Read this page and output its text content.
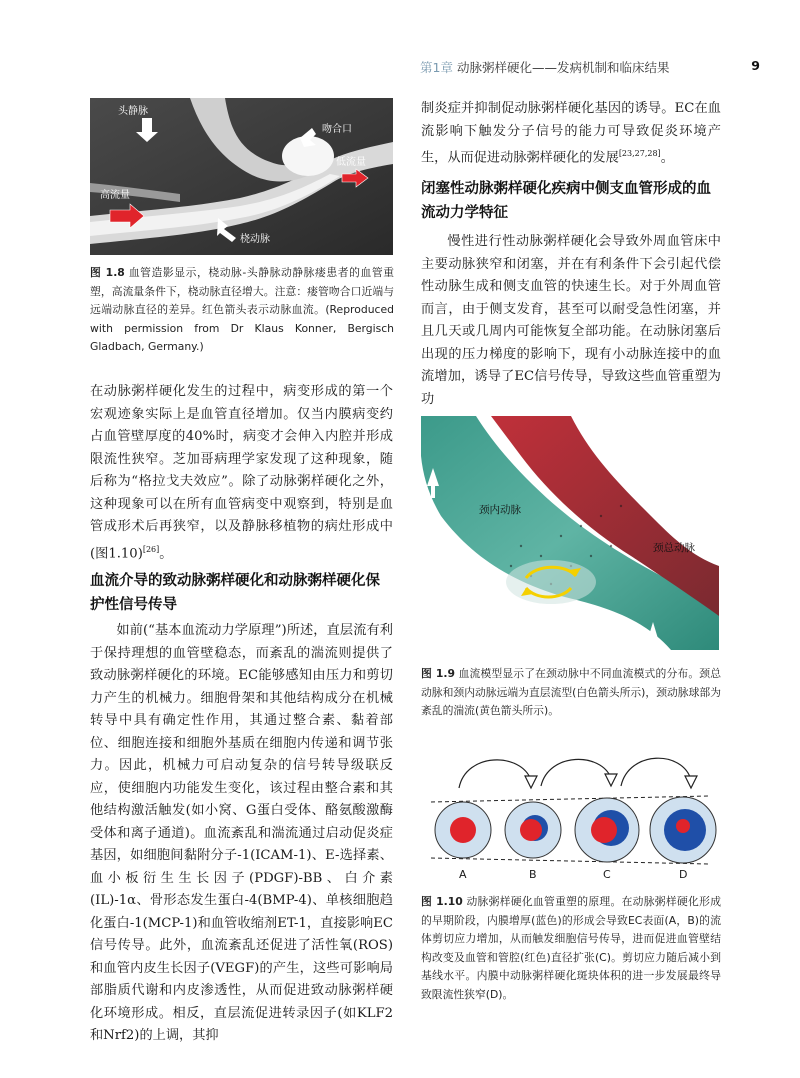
第1章 动脉粥样硬化——发病机制和临床结果	9
头静脉
吻合口
低流量
高流量
桡动脉

图 1.8 血管造影显示，桡动脉-头静脉动静脉瘘患者的血管重塑，高流量条件下，桡动脉直径增大。注意：瘘管吻合口近端与远端动脉直径的差异。红色箭头表示动脉血流。(Reproduced with permission from Dr Klaus Konner, Bergisch Gladbach, Germany.)

在动脉粥样硬化发生的过程中，病变形成的第一个宏观迹象实际上是血管直径增加。仅当内膜病变约占血管壁厚度的40%时，病变才会伸入内腔并形成限流性狭窄。芝加哥病理学家发现了这种现象，随后称为“格拉戈夫效应”。除了动脉粥样硬化之外，这种现象可以在所有血管病变中观察到，特别是血管成形术后再狭窄，以及静脉移植物的病灶形成中(图1.10)[26]。

血流介导的致动脉粥样硬化和动脉粥样硬化保护性信号传导

如前(“基本血流动力学原理”)所述，直层流有利于保持理想的血管壁稳态，而紊乱的湍流则提供了致动脉粥样硬化的环境。EC能够感知由压力和剪切力产生的机械力。细胞骨架和其他结构成分在机械转导中具有确定性作用，其通过整合素、黏着部位、细胞连接和细胞外基质在细胞内传递和调节张力。因此，机械力可启动复杂的信号转导级联反应，使细胞内功能发生变化，该过程由整合素和其他结构激活触发(如小窝、G蛋白受体、酪氨酸激酶受体和离子通道)。血流紊乱和湍流通过启动促炎症基因，如细胞间黏附分子-1(ICAM-1)、E-选择素、血小板衍生生长因子(PDGF)-BB、白介素(IL)-1α、骨形态发生蛋白-4(BMP-4)、单核细胞趋化蛋白-1(MCP-1)和血管收缩剂ET-1，直接影响EC信号传导。此外，血流紊乱还促进了活性氧(ROS)和血管内皮生长因子(VEGF)的产生，这些可影响局部脂质代谢和内皮渗透性，从而促进致动脉粥样硬化环境形成。相反，直层流促进转录因子(如KLF2和Nrf2)的上调，其抑

制炎症并抑制促动脉粥样硬化基因的诱导。EC在血流影响下触发分子信号的能力可导致促炎环境产生，从而促进动脉粥样硬化的发展[23,27,28]。

闭塞性动脉粥样硬化疾病中侧支血管形成的血流动力学特征

慢性进行性动脉粥样硬化会导致外周血管床中主要动脉狭窄和闭塞，并在有利条件下会引起代偿性动脉生成和侧支血管的快速生长。对于外周血管而言，由于侧支发育，甚至可以耐受急性闭塞，并且几天或几周内可能恢复全部功能。在动脉闭塞后出现的压力梯度的影响下，现有小动脉连接中的血流增加，诱导了EC信号传导，导致这些血管重塑为功

颈内动脉
颈总动脉

图 1.9 血流模型显示了在颈动脉中不同血流模式的分布。颈总动脉和颈内动脉远端为直层流型(白色箭头所示)，颈动脉球部为紊乱的湍流(黄色箭头所示)。

A	B	C	D

图 1.10 动脉粥样硬化血管重塑的原理。在动脉粥样硬化形成的早期阶段，内膜增厚(蓝色)的形成会导致EC表面(A，B)的流体剪切应力增加，从而触发细胞信号传导，进而促进血管壁结构改变及血管和管腔(红色)直径扩张(C)。剪切应力随后减小到基线水平。内膜中动脉粥样硬化斑块体积的进一步发展最终导致限流性狭窄(D)。
